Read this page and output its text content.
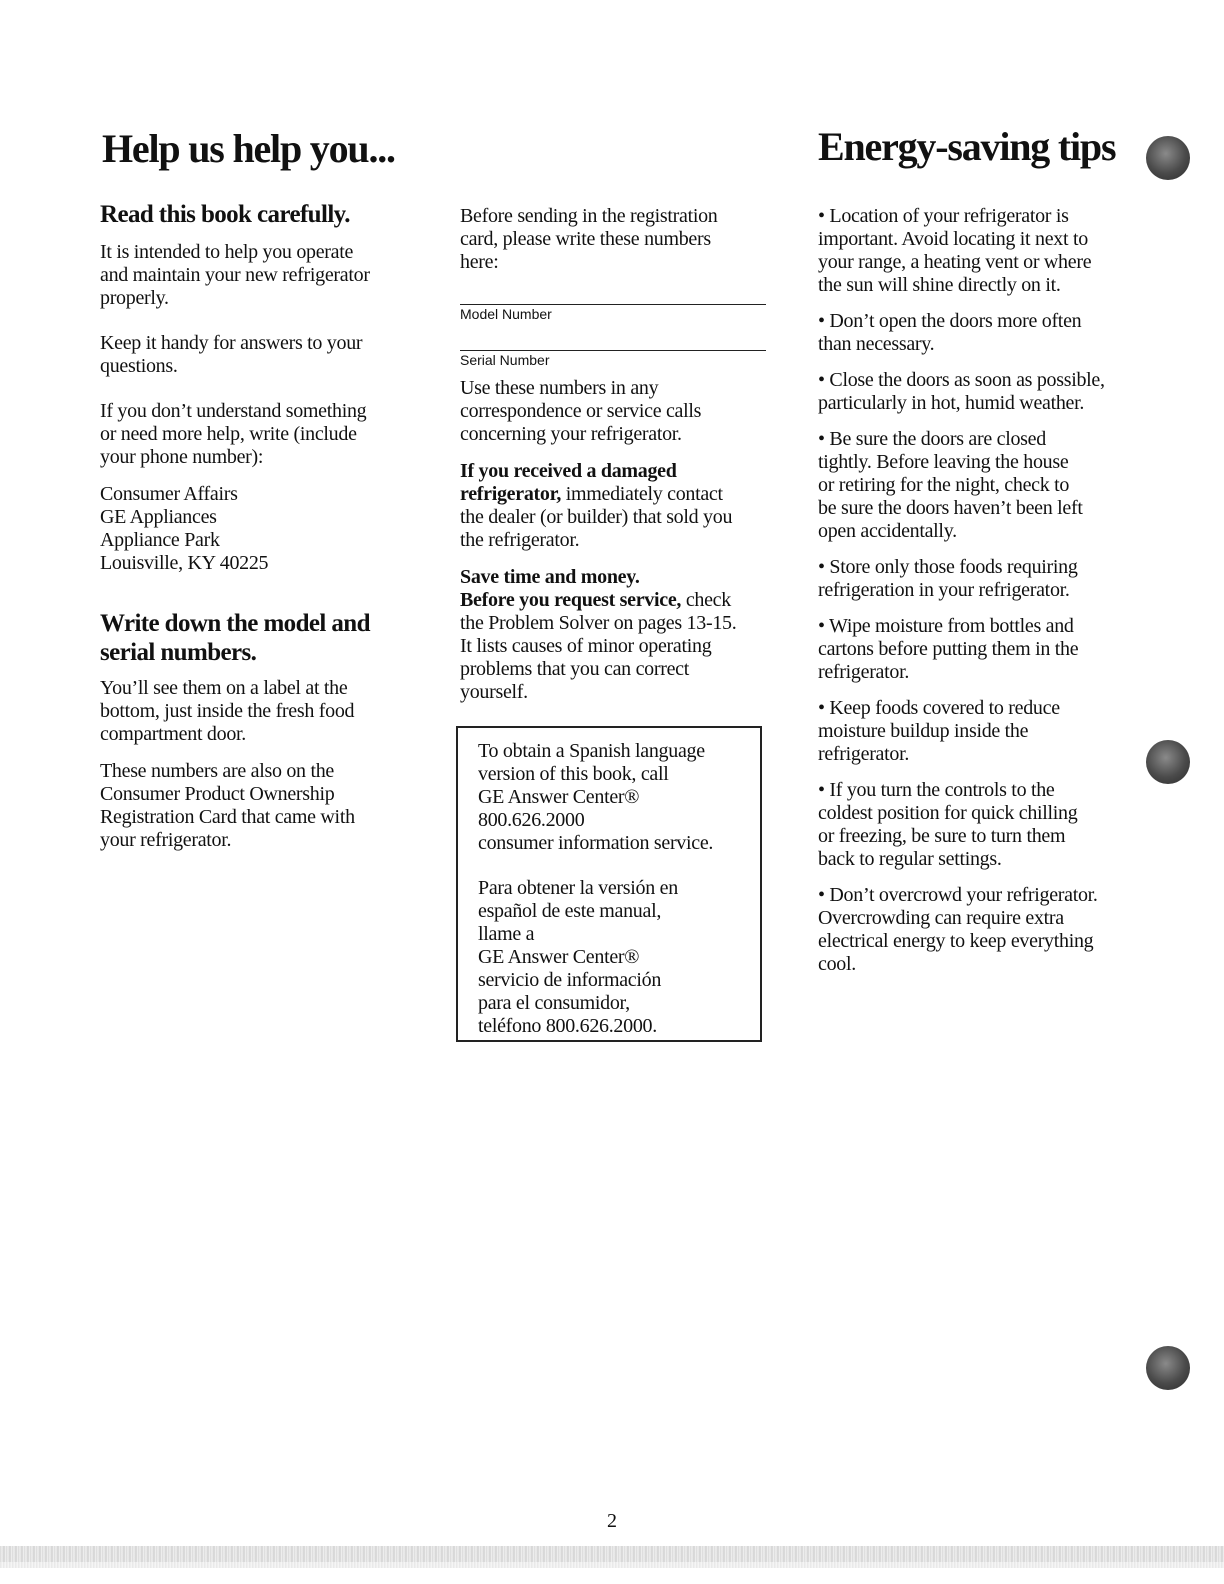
Help us help you...	Energy-saving tips
Read this book carefully.
It is intended to help you operate
and maintain your new refrigerator
properly.
Keep it handy for answers to your
questions.
If you don’t understand something
or need more help, write (include
your phone number):
Consumer Affairs
GE Appliances
Appliance Park
Louisville, KY 40225
Write down the model and
serial numbers.
You’ll see them on a label at the
bottom, just inside the fresh food
compartment door.
These numbers are also on the
Consumer Product Ownership
Registration Card that came with
your refrigerator.
Before sending in the registration
card, please write these numbers
here:
Model Number
Serial Number
Use these numbers in any
correspondence or service calls
concerning your refrigerator.
If you received a damaged
refrigerator, immediately contact
the dealer (or builder) that sold you
the refrigerator.
Save time and money.
Before you request service, check
the Problem Solver on pages 13-15.
It lists causes of minor operating
problems that you can correct
yourself.
To obtain a Spanish language
version of this book, call
GE Answer Center®
800.626.2000
consumer information service.
Para obtener la versión en
español de este manual,
llame a
GE Answer Center®
servicio de información
para el consumidor,
teléfono 800.626.2000.
• Location of your refrigerator is
important. Avoid locating it next to
your range, a heating vent or where
the sun will shine directly on it.
• Don’t open the doors more often
than necessary.
• Close the doors as soon as possible,
particularly in hot, humid weather.
• Be sure the doors are closed
tightly. Before leaving the house
or retiring for the night, check to
be sure the doors haven’t been left
open accidentally.
• Store only those foods requiring
refrigeration in your refrigerator.
• Wipe moisture from bottles and
cartons before putting them in the
refrigerator.
• Keep foods covered to reduce
moisture buildup inside the
refrigerator.
• If you turn the controls to the
coldest position for quick chilling
or freezing, be sure to turn them
back to regular settings.
• Don’t overcrowd your refrigerator.
Overcrowding can require extra
electrical energy to keep everything
cool.
2
